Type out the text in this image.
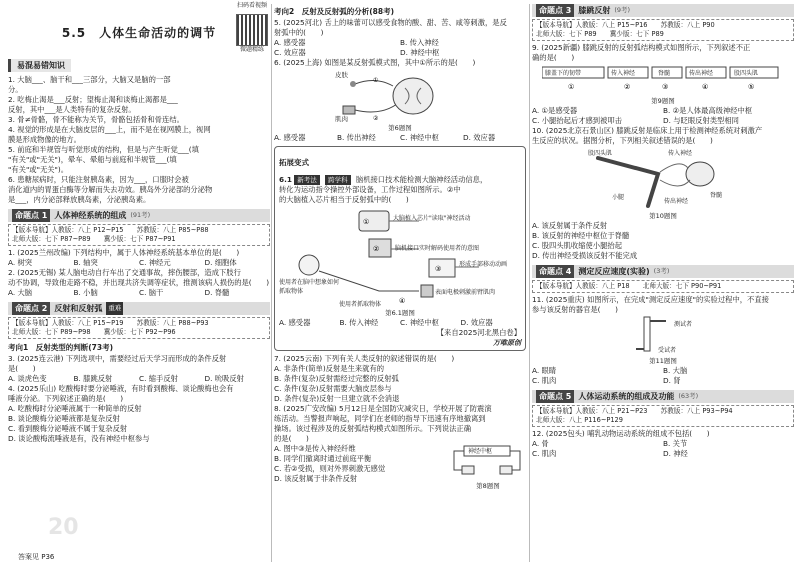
5.5　人体生命活动的调节

扫码看视频
微题精练
易混易错知识

1. 大脑___、脑干和___三部分，大脑又是脑的一部

分。

2. 吃梅止渴是___反射；望梅止渴和谈梅止渴都是___

反射，其中___是人类特有的复杂反射。

3. 骨≠骨骼，骨不能称为关节，骨骼包括骨和骨连结。

4. 视觉的形成是在大脑皮层的___上，而不是在视网膜上，视网

膜是形成物像的地方。

5. 前庭和半规管与听觉形成的结构，但是与产生听觉___(填

"有关"或"无关")，晕车、晕船与前庭和半规管___(填

"有关"或"无关")。

6. 患糖尿病时，只能注射胰岛素，因为___，口服时会被

消化道内的胃蛋白酶等分解而失去功效。胰岛外分泌部的分泌物

是___，内分泌部释放胰岛素，分泌胰岛素。

命题点 1 人体神经系统的组成 (91考)

【版本导航】人教版：八上 P12~P15　　苏教版：八上 P85~P88

北师大版：七下 P87~P89　　冀少版：七下 P87~P91

1. (2025兰州改编) 下列结构中，属于人体神经系统基本单位的是(　　)

A. 树突	B. 轴突	C. 神经元	D. 细胞体

2. (2025无锡) 某人脑电动自行车出了交通事故，摔伤腰部，造成下肢行

动不协调，导致他走路不稳，并出现共济失调等症状，推测该病人损伤的是(　　)

A. 大脑	B. 小脑	C. 脑干	D. 脊髓
命题点 2 反射和反射弧 重难

【版本导航】人教版：八上 P15~P19　　苏教版：八上 P88~P93

北师大版：七下 P89~P98　　冀少版：七下 P92~P96

考向1　反射类型的判断(73考)

3. (2025连云港) 下列选项中，需要经过后天学习而形成的条件反射

是(　　)

A. 谈虎色变	B. 膝跳反射	C. 缩手反射	D. 吮吸反射

4. (2025乐山) 吃酸梅时要分泌唾液，有时看到酸梅、谈论酸梅也会有

唾液分泌。下列叙述正确的是(　　)

A. 吃酸梅时分泌唾液属于一种简单的反射

B. 谈论酸梅分泌唾液都是复杂反射

C. 看到酸梅分泌唾液不属于复杂反射

D. 谈论酸梅流唾液是有，没有神经中枢参与

20
答案见 P36

考向2　反射及反射弧的分析(88考)

5. (2025河北) 舌上的味蕾可以感受食物的酸、甜、苦、咸等刺激，是反

射弧中的(　　)

A. 感受器	B. 传入神经
C. 效应器	D. 神经中枢

6. (2025上海) 如图是某反射弧模式图，其中①所示的是(　　)

①
②
皮肤
肌肉

第6题图

A. 感受器	B. 传出神经	C. 神经中枢	D. 效应器

拓展变式

6.1 新考法 跨学科 脑机接口技术能检测大脑神经活动信息，

转化为运动指令操控外部设备，工作过程如图所示。②中

的大脑植入芯片相当于反射弧中的(　　)

①
②
③
④
大脑植入芯片"读取"神经活动
脑机接口实时解码使用者的意图
形成手部移动动画
使用者在脑中想象如何抓取物体	表面电极刺激前臂肌肉
使用者抓取物体

第6.1题图

A. 感受器	B. 传入神经	C. 神经中枢	D. 效应器

【来自2025河北黑白卷】

万唯原创

7. (2025云南) 下列有关人类反射的叙述错误的是(　　)

A. 非条件(简单)反射是生来就有的

B. 条件(复杂)反射需经过完整的反射弧

C. 条件(复杂)反射需要大脑皮层参与

D. 条件(复杂)反射一旦建立就不会消退

8. (2025广安改编) 5月12日是全国防灾减灾日，学校开展了防震演

练活动。当警报声响起，同学们在老师的指导下迅速有序地撤离到

操场。该过程涉及的反射弧结构模式如图所示。下列说法正确

的是(　　)

A. 图中③是传入神经纤维

B. 同学们撤离时通过前庭平衡

C. 若②受损，则对外界刺激无感觉

D. 该反射属于非条件反射

神经中枢

第8题图

命题点 3 膝跳反射 (9考)

【版本导航】人教版：八上 P15~P16　　苏教版：八上 P90

北师大版：七下 P89　　冀少版：七下 P89

9. (2025新疆) 膝跳反射的反射弧结构模式如图所示，下列叙述不正

确的是(　　)

①	②	③	④	⑤
膝盖下的韧带	传入神经	脊髓	传出神经	股四头肌

第9题图

A. ①是感受器	B. ②是人体最高级神经中枢
C. 小腿抬起后才感到被叩击	D. 与眨眼反射类型相同

10. (2025北京石景山区) 膝跳反射是临床上用于检测神经系统对刺激产

生反应的状况。据图分析，下列相关叙述错误的是(　　)

股四头肌	传入神经
小腿
传出神经
脊髓

第10题图

A. 该反射属于条件反射

B. 该反射的神经中枢位于脊髓

C. 股四头肌收缩使小腿抬起

D. 传出神经受损该反射不能完成

命题点 4 测定反应速度(实验) (3考)

【版本导航】人教版：八上 P18　　北师大版：七下 P90~P91

11. (2025重庆) 如图所示，在完成"测定反应速度"的实验过程中，不直接

参与该反射的器官是(　　)

测试者
受试者

第11题图

A. 眼睛	B. 大脑
C. 肌肉	D. 肾
命题点 5 人体运动系统的组成及功能 (63考)

【版本导航】人教版：八上 P21~P23　　苏教版：八上 P93~P94

北师大版：八上 P116~P129

12. (2025包头) 哺乳动物运动系统的组成不包括(　　)

A. 骨	B. 关节
C. 肌肉	D. 神经
